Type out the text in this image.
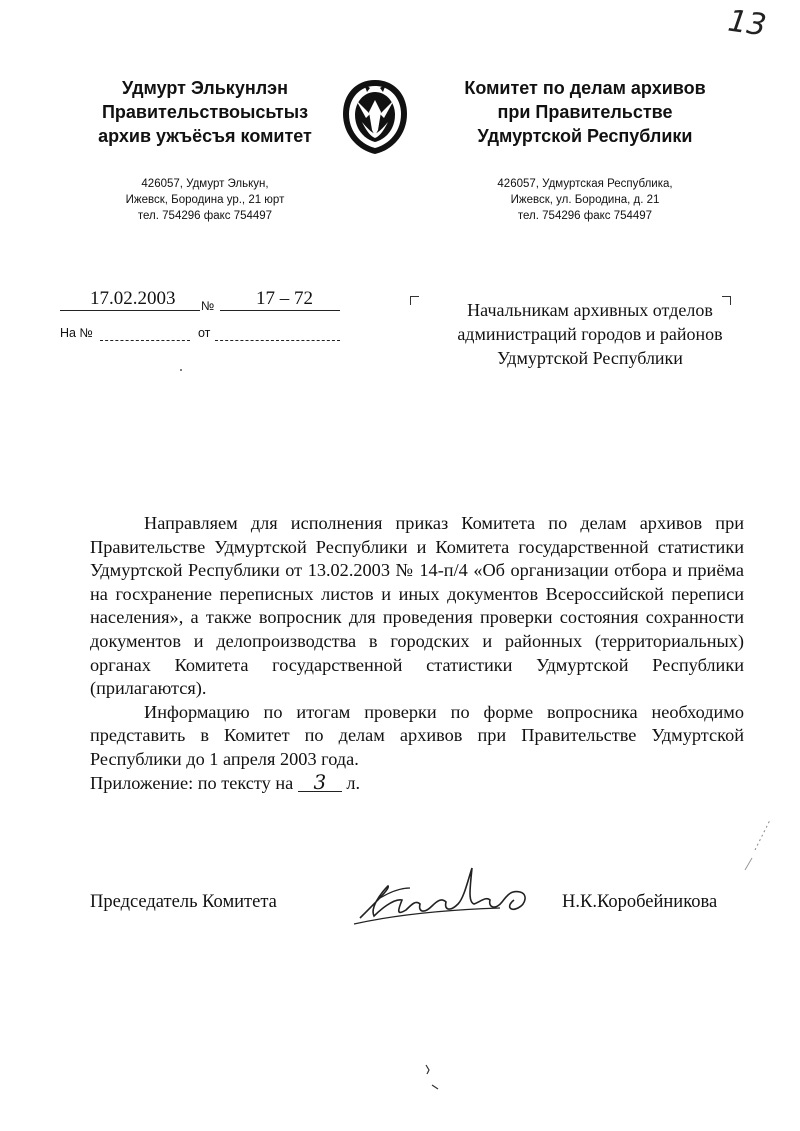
13
Удмурт Элькунлэн
Правительствоысьтыз
архив ужъёсъя комитет
426057, Удмурт Элькун,
Ижевск, Бородина ур., 21 юрт
тел. 754296 факс 754497
Комитет по делам архивов
при Правительстве
Удмуртской Республики
426057, Удмуртская Республика,
Ижевск, ул. Бородина, д. 21
тел. 754296 факс 754497
17.02.2003 № 17 – 72
На №	от
Начальникам архивных отделов
администраций городов и районов
Удмуртской Республики

Направляем для исполнения приказ Комитета по делам архивов при Правительстве Удмуртской Республики и Комитета государственной статистики Удмуртской Республики от 13.02.2003 № 14-п/4 «Об организации отбора и приёма на госхранение переписных листов и иных документов Всероссийской переписи населения», а также вопросник для проведения проверки состояния сохранности документов и делопроизводства в городских и районных (территориальных) органах Комитета государственной статистики Удмуртской Республики (прилагаются).

Информацию по итогам проверки по форме вопросника необходимо представить в Комитет по делам архивов при Правительстве Удмуртской Республики до 1 апреля 2003 года.

Приложение: по тексту на 3 л.
Председатель Комитета	Н.К.Коробейникова
